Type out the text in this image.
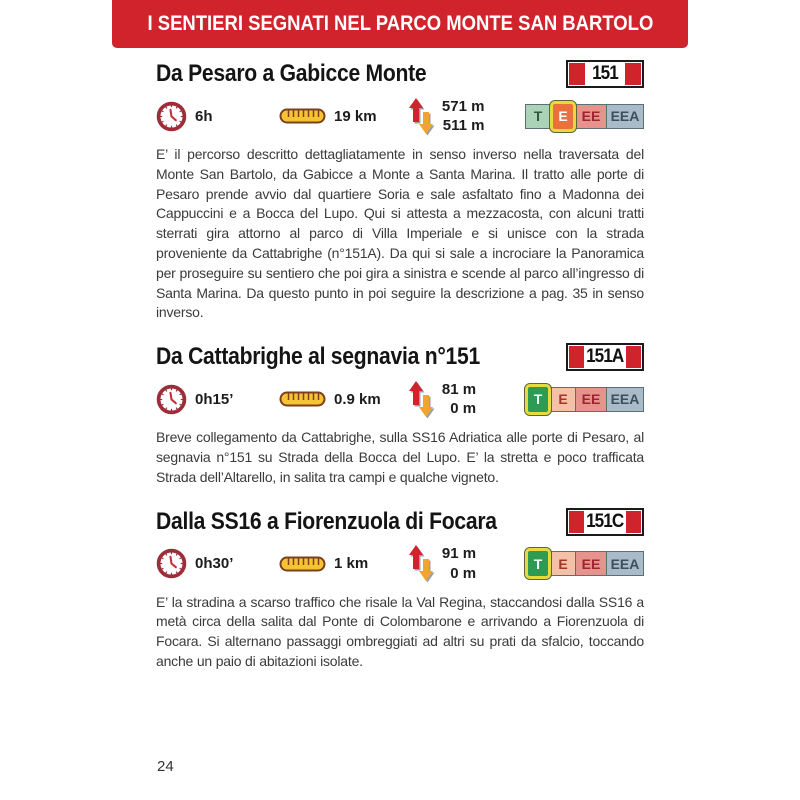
I SENTIERI SEGNATI NEL PARCO MONTE SAN BARTOLO
Da Pesaro a Gabicce Monte	151
6h	19 km
571 m
511 m
T	E EE EEA

E’ il percorso descritto dettagliatamente in senso inverso nella traversata del Monte San Bartolo, da Gabicce a Monte a Santa Marina. Il tratto alle porte di Pesaro prende avvio dal quartiere Soria e sale asfaltato fino a Madonna dei Cappuccini e a Bocca del Lupo. Qui si attesta a mezzacosta, con alcuni tratti sterrati gira attorno al parco di Villa Imperiale e si unisce con la strada proveniente da Cattabrighe (n°151A). Da qui si sale a incrociare la Panoramica per proseguire su sentiero che poi gira a sinistra e scende al parco all’ingresso di Santa Marina. Da questo punto in poi seguire la descrizione a pag. 35 in senso inverso.

Da Cattabrighe al segnavia n°151	151A
0h15’	0.9 km
81 m
0 m
T	E EE EEA

Breve collegamento da Cattabrighe, sulla SS16 Adriatica alle porte di Pesaro, al segnavia n°151 su Strada della Bocca del Lupo. E’ la stretta e poco trafficata Strada dell’Altarello, in salita tra campi e qualche vigneto.

Dalla SS16 a Fiorenzuola di Focara	151C
0h30’	1 km
91 m
0 m
T	E EE EEA

E’ la stradina a scarso traffico che risale la Val Regina, staccandosi dalla SS16 a metà circa della salita dal Ponte di Colombarone e arrivando a Fiorenzuola di Focara. Si alternano passaggi ombreggiati ad altri su prati da sfalcio, toccando anche un paio di abitazioni isolate.

24
